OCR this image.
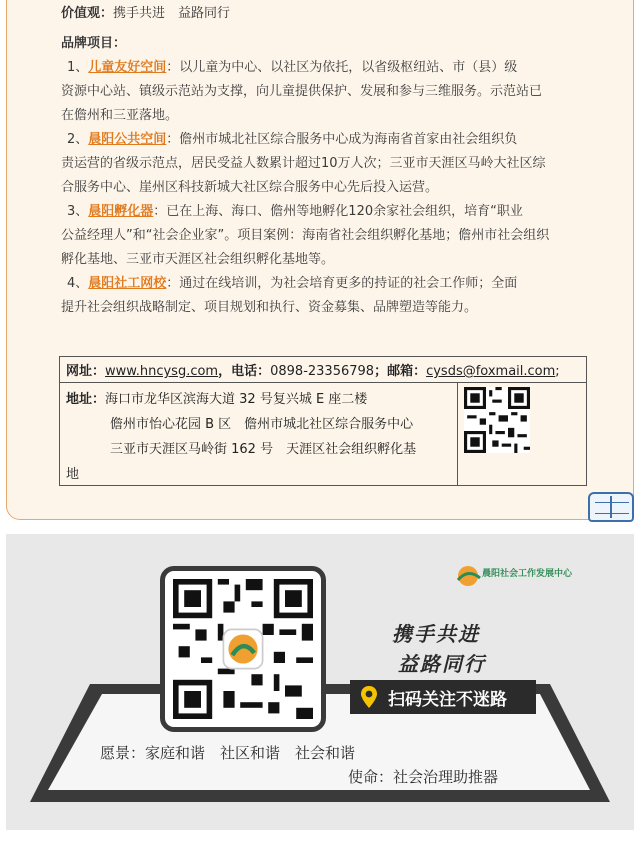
价值观：携手共进　益路同行
品牌项目：
1、儿童友好空间：以儿童为中心、以社区为依托，以省级枢纽站、市（县）级
资源中心站、镇级示范站为支撑，向儿童提供保护、发展和参与三维服务。示范站已
在儋州和三亚落地。
2、晨阳公共空间：儋州市城北社区综合服务中心成为海南省首家由社会组织负
责运营的省级示范点，居民受益人数累计超过10万人次；三亚市天涯区马岭大社区综
合服务中心、崖州区科技新城大社区综合服务中心先后投入运营。
3、晨阳孵化器：已在上海、海口、儋州等地孵化120余家社会组织，培育“职业
公益经理人”和“社会企业家”。项目案例：海南省社会组织孵化基地；儋州市社会组织
孵化基地、三亚市天涯区社会组织孵化基地等。
4、晨阳社工网校：通过在线培训，为社会培育更多的持证的社会工作师；全面
提升社会组织战略制定、项目规划和执行、资金募集、品牌塑造等能力。
网址：www.hncysg.com，电话：0898-23356798；邮箱：cysds@foxmail.com;
地址：海口市龙华区滨海大道 32 号复兴城 E 座二楼
儋州市怡心花园 B 区　儋州市城北社区综合服务中心
三亚市天涯区马岭街 162 号　天涯区社会组织孵化基
地
晨阳社会工作发展中心
携手共进
益路同行
扫码关注不迷路
愿景：家庭和谐　社区和谐　社会和谐
使命：社会治理助推器
